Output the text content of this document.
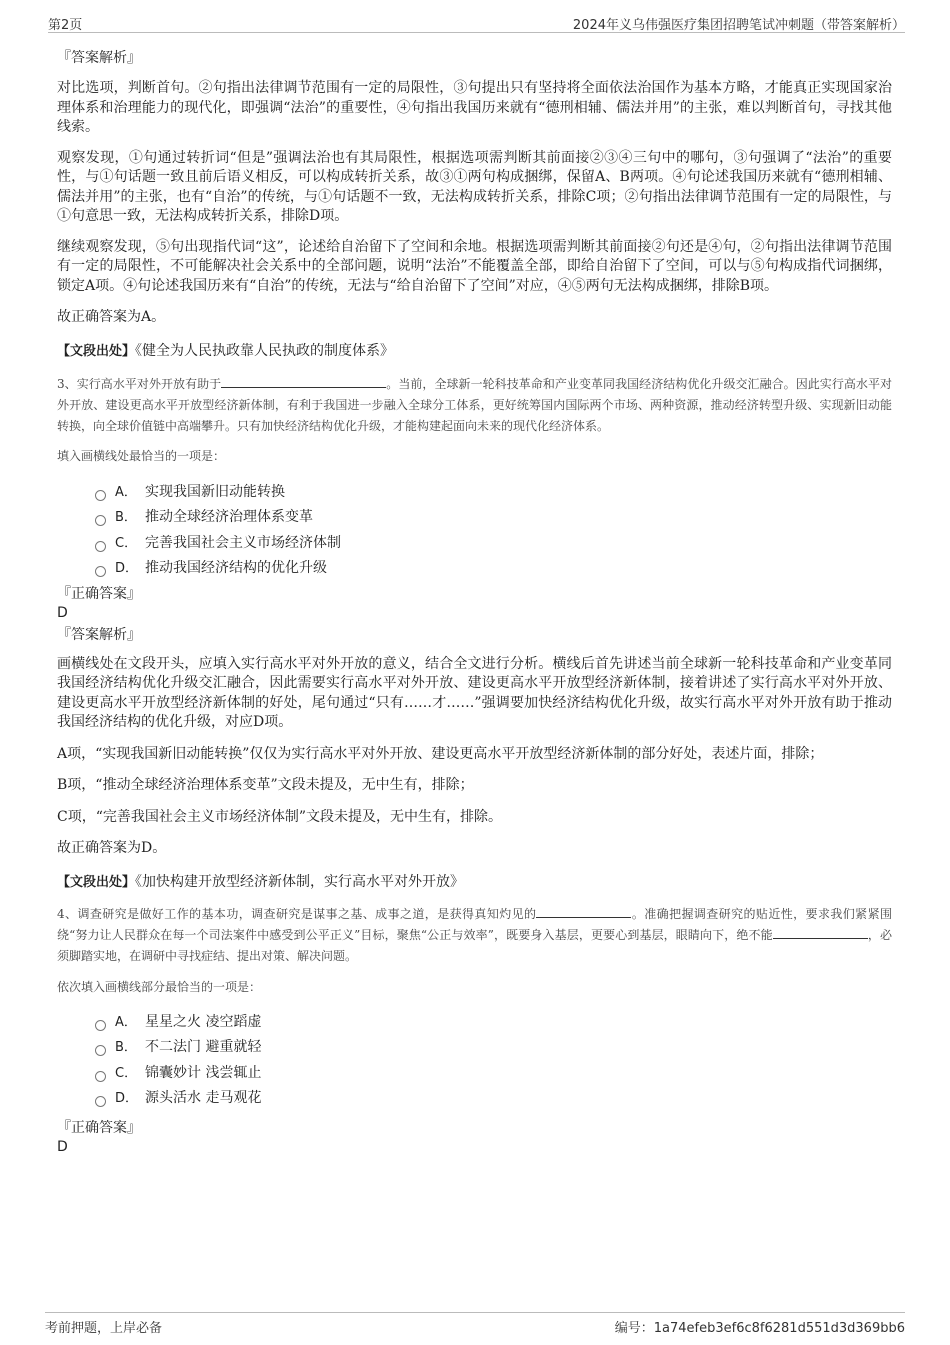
第2页	2024年义乌伟强医疗集团招聘笔试冲刺题（带答案解析）

『答案解析』

对比选项，判断首句。②句指出法律调节范围有一定的局限性，③句提出只有坚持将全面依法治国作为基本方略，才能真正实现国家治理体系和治理能力的现代化，即强调“法治”的重要性，④句指出我国历来就有“德刑相辅、儒法并用”的主张，难以判断首句，寻找其他线索。

观察发现，①句通过转折词“但是”强调法治也有其局限性，根据选项需判断其前面接②③④三句中的哪句，③句强调了“法治”的重要性，与①句话题一致且前后语义相反，可以构成转折关系，故③①两句构成捆绑，保留A、B两项。④句论述我国历来就有“德刑相辅、儒法并用”的主张，也有“自治”的传统，与①句话题不一致，无法构成转折关系，排除C项；②句指出法律调节范围有一定的局限性，与①句意思一致，无法构成转折关系，排除D项。

继续观察发现，⑤句出现指代词“这”，论述给自治留下了空间和余地。根据选项需判断其前面接②句还是④句，②句指出法律调节范围有一定的局限性，不可能解决社会关系中的全部问题，说明“法治”不能覆盖全部，即给自治留下了空间，可以与⑤句构成指代词捆绑，锁定A项。④句论述我国历来有“自治”的传统，无法与“给自治留下了空间”对应，④⑤两句无法构成捆绑，排除B项。

故正确答案为A。

【文段出处】《健全为人民执政靠人民执政的制度体系》

3、实行高水平对外开放有助于	。当前，全球新一轮科技革命和产业变革同我国经济结构优化升级交汇融合。因此实行高水平对外开放、建设更高水平开放型经济新体制，有利于我国进一步融入全球分工体系，更好统筹国内国际两个市场、两种资源，推动经济转型升级、实现新旧动能转换，向全球价值链中高端攀升。只有加快经济结构优化升级，才能构建起面向未来的现代化经济体系。

填入画横线处最恰当的一项是：

A． 实现我国新旧动能转换
B． 推动全球经济治理体系变革
C． 完善我国社会主义市场经济体制
D． 推动我国经济结构的优化升级

『正确答案』

D

『答案解析』

画横线处在文段开头，应填入实行高水平对外开放的意义，结合全文进行分析。横线后首先讲述当前全球新一轮科技革命和产业变革同我国经济结构优化升级交汇融合，因此需要实行高水平对外开放、建设更高水平开放型经济新体制，接着讲述了实行高水平对外开放、建设更高水平开放型经济新体制的好处，尾句通过“只有……才……”强调要加快经济结构优化升级，故实行高水平对外开放有助于推动我国经济结构的优化升级，对应D项。

A项，“实现我国新旧动能转换”仅仅为实行高水平对外开放、建设更高水平开放型经济新体制的部分好处，表述片面，排除；

B项，“推动全球经济治理体系变革”文段未提及，无中生有，排除；

C项，“完善我国社会主义市场经济体制”文段未提及，无中生有，排除。

故正确答案为D。

【文段出处】《加快构建开放型经济新体制，实行高水平对外开放》

4、调查研究是做好工作的基本功，调查研究是谋事之基、成事之道，是获得真知灼见的	。准确把握调查研究的贴近性，要求我们紧紧围绕“努力让人民群众在每一个司法案件中感受到公平正义”目标，聚焦“公正与效率”，既要身入基层，更要心到基层，眼睛向下，绝不能	，必须脚踏实地，在调研中寻找症结、提出对策、解决问题。

依次填入画横线部分最恰当的一项是：

A． 星星之火 凌空蹈虚
B． 不二法门 避重就轻
C． 锦囊妙计 浅尝辄止
D． 源头活水 走马观花

『正确答案』

D

考前押题，上岸必备	编号：1a74efeb3ef6c8f6281d551d3d369bb6
